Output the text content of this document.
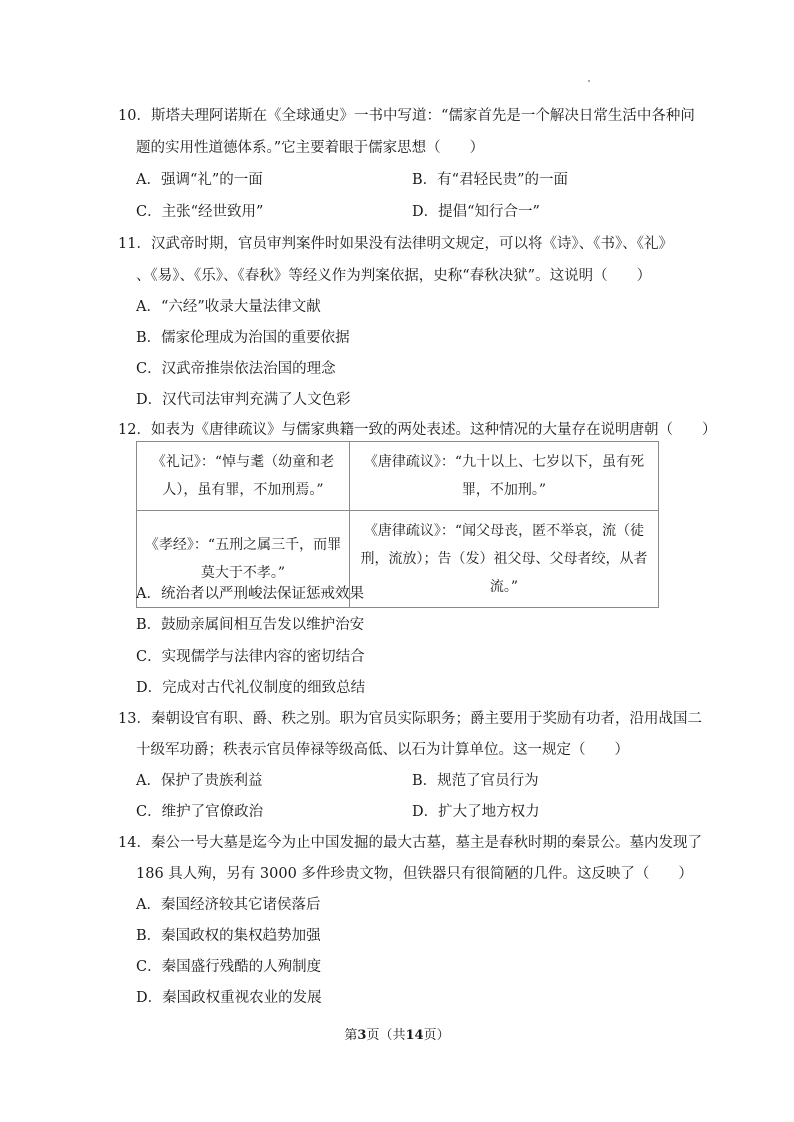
10．斯塔夫理阿诺斯在《全球通史》一书中写道：“儒家首先是一个解决日常生活中各种问
题的实用性道德体系。”它主要着眼于儒家思想（　　）
A．强调“礼”的一面	B．有“君轻民贵”的一面
C．主张“经世致用”	D．提倡“知行合一”
11．汉武帝时期，官员审判案件时如果没有法律明文规定，可以将《诗》、《书》、《礼》
、《易》、《乐》、《春秋》等经义作为判案依据，史称“春秋决狱”。这说明（　　）
A．“六经”收录大量法律文献
B．儒家伦理成为治国的重要依据
C．汉武帝推崇依法治国的理念
D．汉代司法审判充满了人文色彩
12．如表为《唐律疏议》与儒家典籍一致的两处表述。这种情况的大量存在说明唐朝（　　）
《礼记》：“悼与耄（幼童和老人），虽有罪，不加刑焉。”	《唐律疏议》：“九十以上、七岁以下，虽有死罪，不加刑。”
《孝经》：“五刑之属三千，而罪莫大于不孝。”	《唐律疏议》：“闻父母丧，匿不举哀，流（徒刑，流放）；告（发）祖父母、父母者绞，从者流。”
A．统治者以严刑峻法保证惩戒效果
B．鼓励亲属间相互告发以维护治安
C．实现儒学与法律内容的密切结合
D．完成对古代礼仪制度的细致总结
13．秦朝设官有职、爵、秩之别。职为官员实际职务；爵主要用于奖励有功者，沿用战国二
十级军功爵；秩表示官员俸禄等级高低、以石为计算单位。这一规定（　　）
A．保护了贵族利益	B．规范了官员行为
C．维护了官僚政治	D．扩大了地方权力
14．秦公一号大墓是迄今为止中国发掘的最大古墓，墓主是春秋时期的秦景公。墓内发现了
186 具人殉，另有 3000 多件珍贵文物，但铁器只有很简陋的几件。这反映了（　　）
A．秦国经济较其它诸侯落后
B．秦国政权的集权趋势加强
C．秦国盛行残酷的人殉制度
D．秦国政权重视农业的发展
第3页（共14页）
